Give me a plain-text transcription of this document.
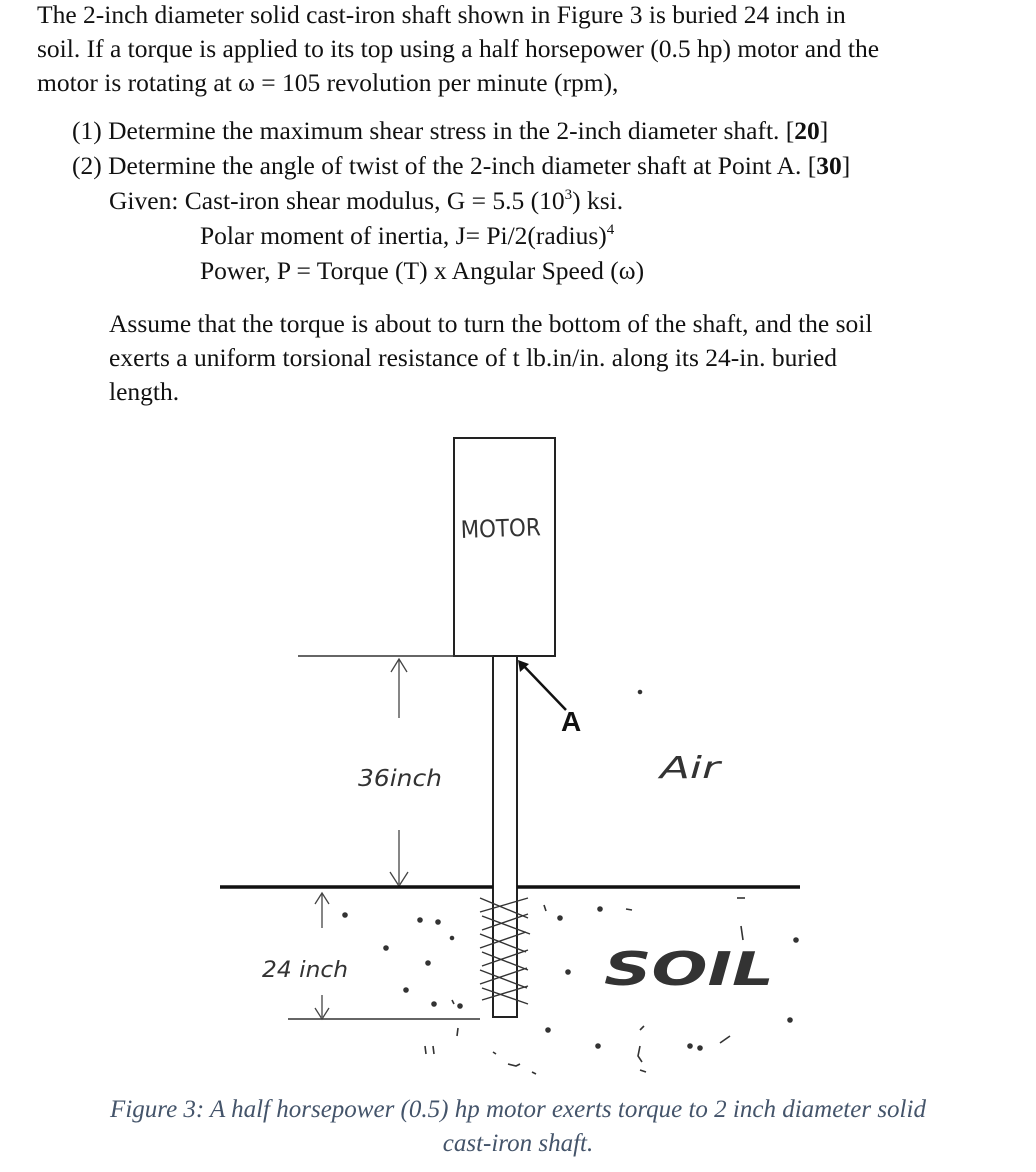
The 2-inch diameter solid cast-iron shaft shown in Figure 3 is buried 24 inch in
soil. If a torque is applied to its top using a half horsepower (0.5 hp) motor and the
motor is rotating at ω = 105 revolution per minute (rpm),
(1) Determine the maximum shear stress in the 2-inch diameter shaft. [20]
(2) Determine the angle of twist of the 2-inch diameter shaft at Point A. [30]
Given: Cast-iron shear modulus, G = 5.5 $(10^3)$ ksi.
Polar moment of inertia, J= Pi/2(radius)$^4$
Power, P = Torque (T) x Angular Speed (ω)
Assume that the torque is about to turn the bottom of the shaft, and the soil
exerts a uniform torsional resistance of t lb.in/in. along its 24-in. buried
length.
MOTOR
36inch
A
Air
24 inch	SOIL
Figure 3: A half horsepower (0.5) hp motor exerts torque to 2 inch diameter solid
cast-iron shaft.
